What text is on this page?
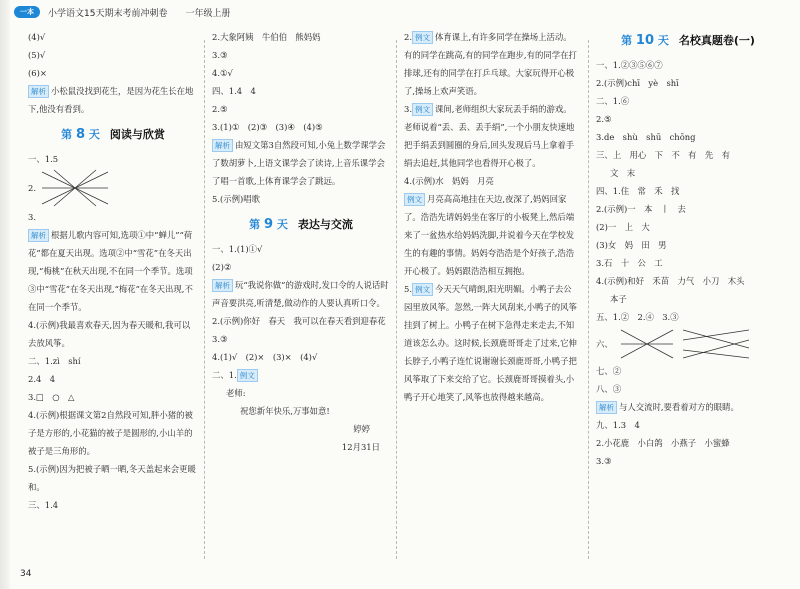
一本	小学语文15天期末考前冲刺卷 一年级上册

(4)√

(5)√

(6)×

解析 小松鼠没找到花生，是因为花生长在地下,他没有看到。

第 8 天 阅读与欣赏

一、1.5

2.

3.

解析 根据儿歌内容可知,选项①中“蝉儿”“荷花”都在夏天出现。选项②中“雪花”在冬天出现,“梅桃”在秋天出现,不在同一个季节。选项③中“雪花”在冬天出现,“梅花”在冬天出现,不在同一个季节。

4.(示例)我最喜欢春天,因为春天暖和,我可以去放风筝。

二、1.zì　shí

2.4　4

3.□　○　△

4.(示例)根据课文第2自然段可知,胖小猪的被子是方形的,小花猫的被子是圆形的,小山羊的被子是三角形的。

5.(示例)因为把被子晒一晒,冬天盖起来会更暖和。

三、1.4

2.大象阿姨　牛伯伯　熊妈妈

3.③

4.①√

四、1.4　4

2.⑤

3.(1)①　(2)③　(3)④　(4)⑤

解析 由短文第3自然段可知,小兔上数学课学会了数胡萝卜,上语文课学会了读诗,上音乐课学会了唱一首歌,上体育课学会了跳远。

5.(示例)唱歌

第 9 天 表达与交流

一、1.(1)①√

(2)②

解析 玩“我说你做”的游戏时,发口令的人说话时声音要洪亮,听清楚,做动作的人要认真听口令。

2.(示例)你好　春天　我可以在春天看到迎春花

3.③

4.(1)√　(2)×　(3)×　(4)√

二、1. 例文

老师:

祝您新年快乐,万事如意!

婷婷

12月31日

2. 例文 体育课上,有许多同学在操场上活动。有的同学在跳高,有的同学在跑步,有的同学在打排球,还有的同学在打乒乓球。大家玩得开心极了,操场上欢声笑语。

3. 例文 课间,老师组织大家玩丢手绢的游戏。老师说着“丢、丢、丢手绢”,一个小朋友快速地把手绢丢到圆圈的身后,回头发现后马上拿着手绢去追赶,其他同学也看得开心极了。

4.(示例)水　妈妈　月亮

例文 月亮高高地挂在天边,夜深了,妈妈回家了。浩浩先请妈妈坐在客厅的小板凳上,然后端来了一盆热水给妈妈洗脚,并说着今天在学校发生的有趣的事情。妈妈夸浩浩是个好孩子,浩浩开心极了。妈妈跟浩浩相互拥抱。

5. 例文 今天天气晴朗,阳光明媚。小鸭子去公园里放风筝。忽然,一阵大风刮来,小鸭子的风筝挂到了树上。小鸭子在树下急得走来走去,不知道该怎么办。这时候,长颈鹿哥哥走了过来,它伸长脖子,小鸭子连忙说谢谢长颈鹿哥哥,小鸭子把风筝取了下来交给了它。长颈鹿哥哥摸着头,小鸭子开心地笑了,风筝也放得越来越高。

第 10 天 名校真题卷(一)

一、1.②③⑤⑥⑦

2.(示例)chī　yè　shī

二、1.⑥

2.⑤

3.de　shù　shū　chōng

三、上　用心　下　不　有　先　有

文　末

四、1.住　常　禾　找

2.(示例)一　本　丨　去

(2)一　上　大

(3)女　妈　田　男

3.石　十　公　工

4.(示例)和好　禾苗　力气　小刀　木头

本子

五、1.②　2.④　3.③

六、

七、②

八、③

解析 与人交流时,要看着对方的眼睛。

九、1.3　4

2.小花鹿　小白鸽　小燕子　小蜜蜂

3.③

34
